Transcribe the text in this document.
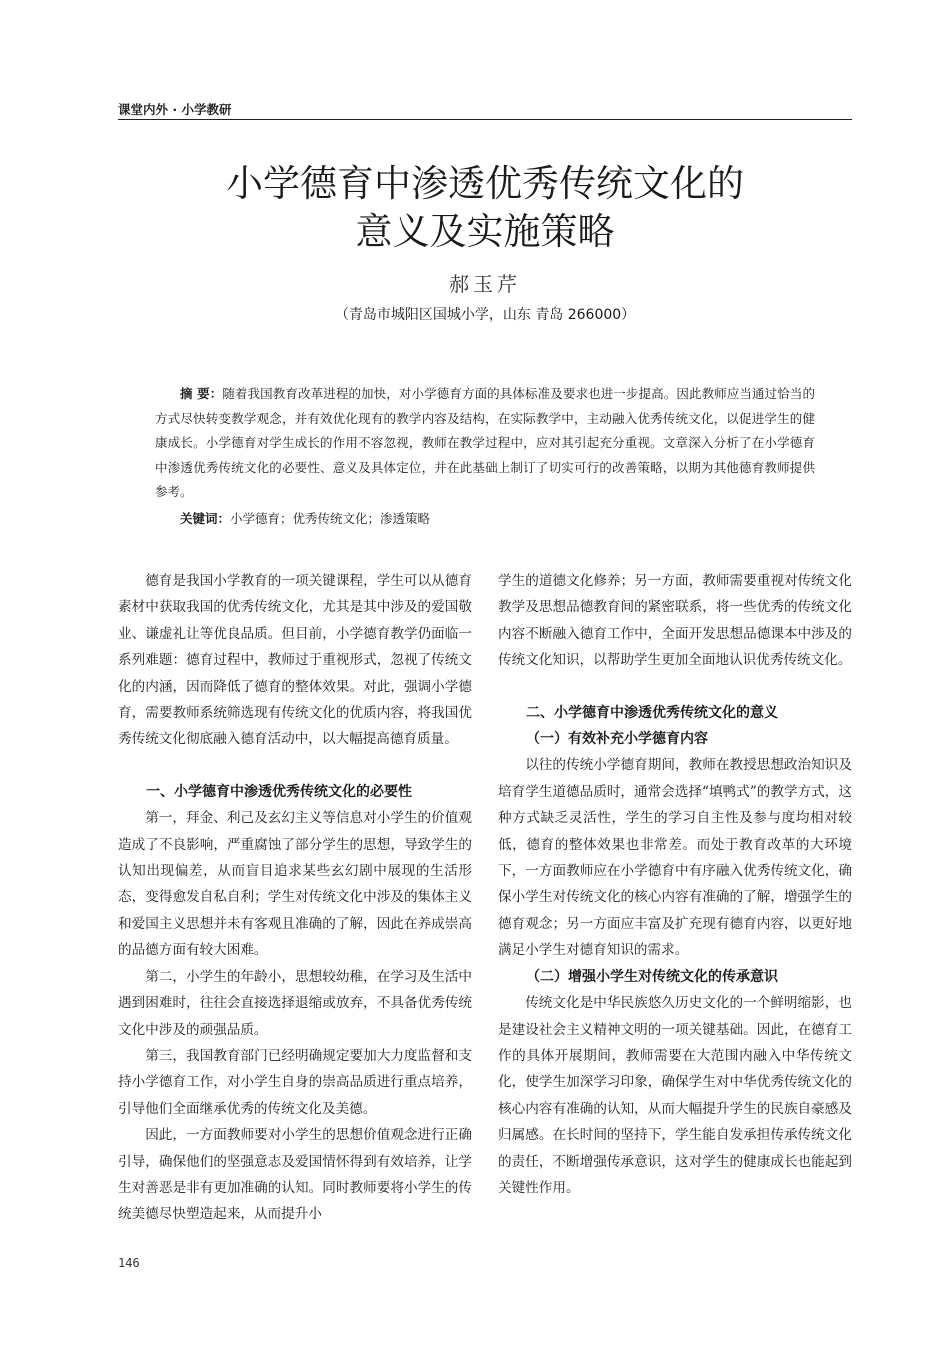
课堂内外 · 小学教研
小学德育中渗透优秀传统文化的
意义及实施策略
郝玉芹
（青岛市城阳区国城小学，山东 青岛 266000）
摘 要：随着我国教育改革进程的加快，对小学德育方面的具体标准及要求也进一步提高。因此教师应当通过恰当的方式尽快转变教学观念，并有效优化现有的教学内容及结构，在实际教学中，主动融入优秀传统文化，以促进学生的健康成长。小学德育对学生成长的作用不容忽视，教师在教学过程中，应对其引起充分重视。文章深入分析了在小学德育中渗透优秀传统文化的必要性、意义及具体定位，并在此基础上制订了切实可行的改善策略，以期为其他德育教师提供参考。
关键词：小学德育；优秀传统文化；渗透策略

德育是我国小学教育的一项关键课程，学生可以从德育素材中获取我国的优秀传统文化，尤其是其中涉及的爱国敬业、谦虚礼让等优良品质。但目前，小学德育教学仍面临一系列难题：德育过程中，教师过于重视形式，忽视了传统文化的内涵，因而降低了德育的整体效果。对此，强调小学德育，需要教师系统筛选现有传统文化的优质内容，将我国优秀传统文化彻底融入德育活动中，以大幅提高德育质量。

一、小学德育中渗透优秀传统文化的必要性

第一，拜金、利己及玄幻主义等信息对小学生的价值观造成了不良影响，严重腐蚀了部分学生的思想，导致学生的认知出现偏差，从而盲目追求某些玄幻剧中展现的生活形态，变得愈发自私自利；学生对传统文化中涉及的集体主义和爱国主义思想并未有客观且准确的了解，因此在养成崇高的品德方面有较大困难。

第二，小学生的年龄小，思想较幼稚，在学习及生活中遇到困难时，往往会直接选择退缩或放弃，不具备优秀传统文化中涉及的顽强品质。

第三，我国教育部门已经明确规定要加大力度监督和支持小学德育工作，对小学生自身的崇高品质进行重点培养，引导他们全面继承优秀的传统文化及美德。

因此，一方面教师要对小学生的思想价值观念进行正确引导，确保他们的坚强意志及爱国情怀得到有效培养，让学生对善恶是非有更加准确的认知。同时教师要将小学生的传统美德尽快塑造起来，从而提升小

学生的道德文化修养；另一方面，教师需要重视对传统文化教学及思想品德教育间的紧密联系，将一些优秀的传统文化内容不断融入德育工作中，全面开发思想品德课本中涉及的传统文化知识，以帮助学生更加全面地认识优秀传统文化。

二、小学德育中渗透优秀传统文化的意义
（一）有效补充小学德育内容

以往的传统小学德育期间，教师在教授思想政治知识及培育学生道德品质时，通常会选择“填鸭式”的教学方式，这种方式缺乏灵活性，学生的学习自主性及参与度均相对较低，德育的整体效果也非常差。而处于教育改革的大环境下，一方面教师应在小学德育中有序融入优秀传统文化，确保小学生对传统文化的核心内容有准确的了解，增强学生的德育观念；另一方面应丰富及扩充现有德育内容，以更好地满足小学生对德育知识的需求。

（二）增强小学生对传统文化的传承意识

传统文化是中华民族悠久历史文化的一个鲜明缩影，也是建设社会主义精神文明的一项关键基础。因此，在德育工作的具体开展期间，教师需要在大范围内融入中华传统文化，使学生加深学习印象，确保学生对中华优秀传统文化的核心内容有准确的认知，从而大幅提升学生的民族自豪感及归属感。在长时间的坚持下，学生能自发承担传承传统文化的责任，不断增强传承意识，这对学生的健康成长也能起到关键性作用。

146
